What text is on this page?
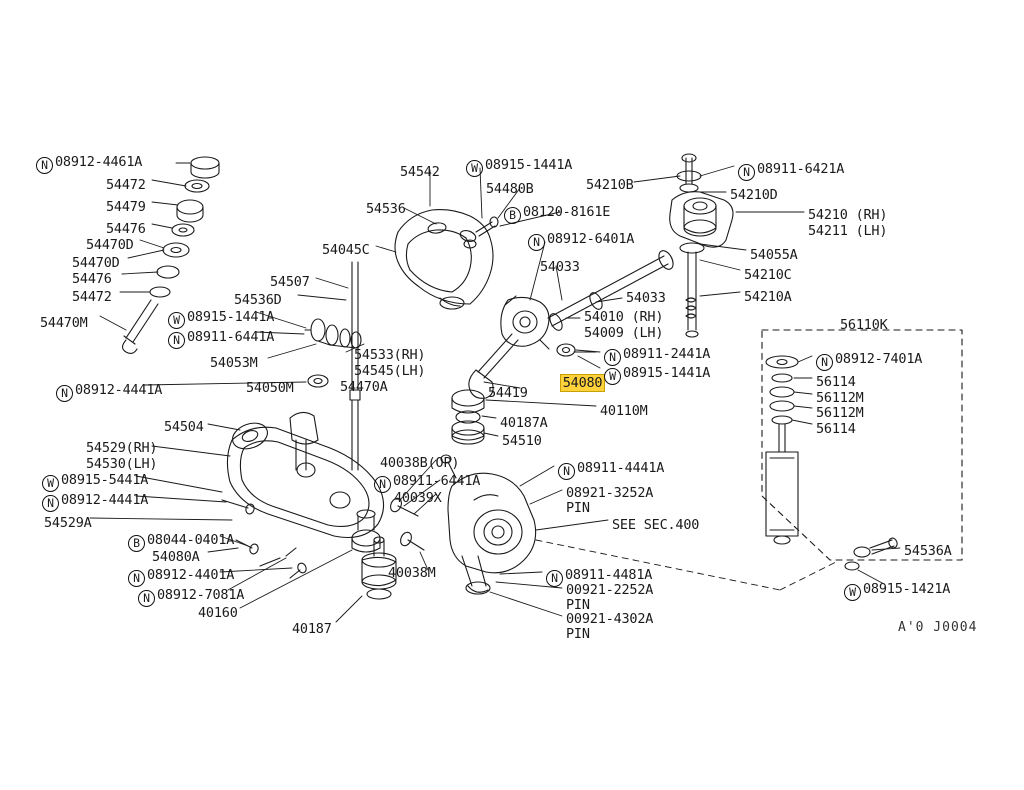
54080

N 08912-4461A
54472
54479
54476
54470D
54470D
54476
54472
54470M	W 08915-1441A
N 08911-6441A
54053M
N 08912-4441A	54050M
54507
54536D
54045C
54533(RH)
54545(LH)
54470A
54542
54536
W 08915-1441A
54480B
B 08120-8161E
N 08912-6401A
54033
54010 (RH)
54009 (LH)
54033
54210B
N 08911-6421A
54210D
54210 (RH)
54211 (LH)
54055A
54210C
54210A
56110K
N 08912-7401A
56114
56112M
56112M
56114
N 08911-2441A
W 08915-1441A
54419
40187A
54510
40110M
54504
54529(RH)
54530(LH)
W 08915-5441A
N 08912-4441A
54529A
B 08044-0401A
54080A
N 08912-4401A
N 08912-7081A
40160
40187
40038M
40038B(OP)
N 08911-6441A
40039X
N 08911-4441A
08921-3252A
PIN
SEE SEC.400
N 08911-4481A
00921-2252A
PIN
00921-4302A
PIN
54536A
W 08915-1421A
A'0 J0004
